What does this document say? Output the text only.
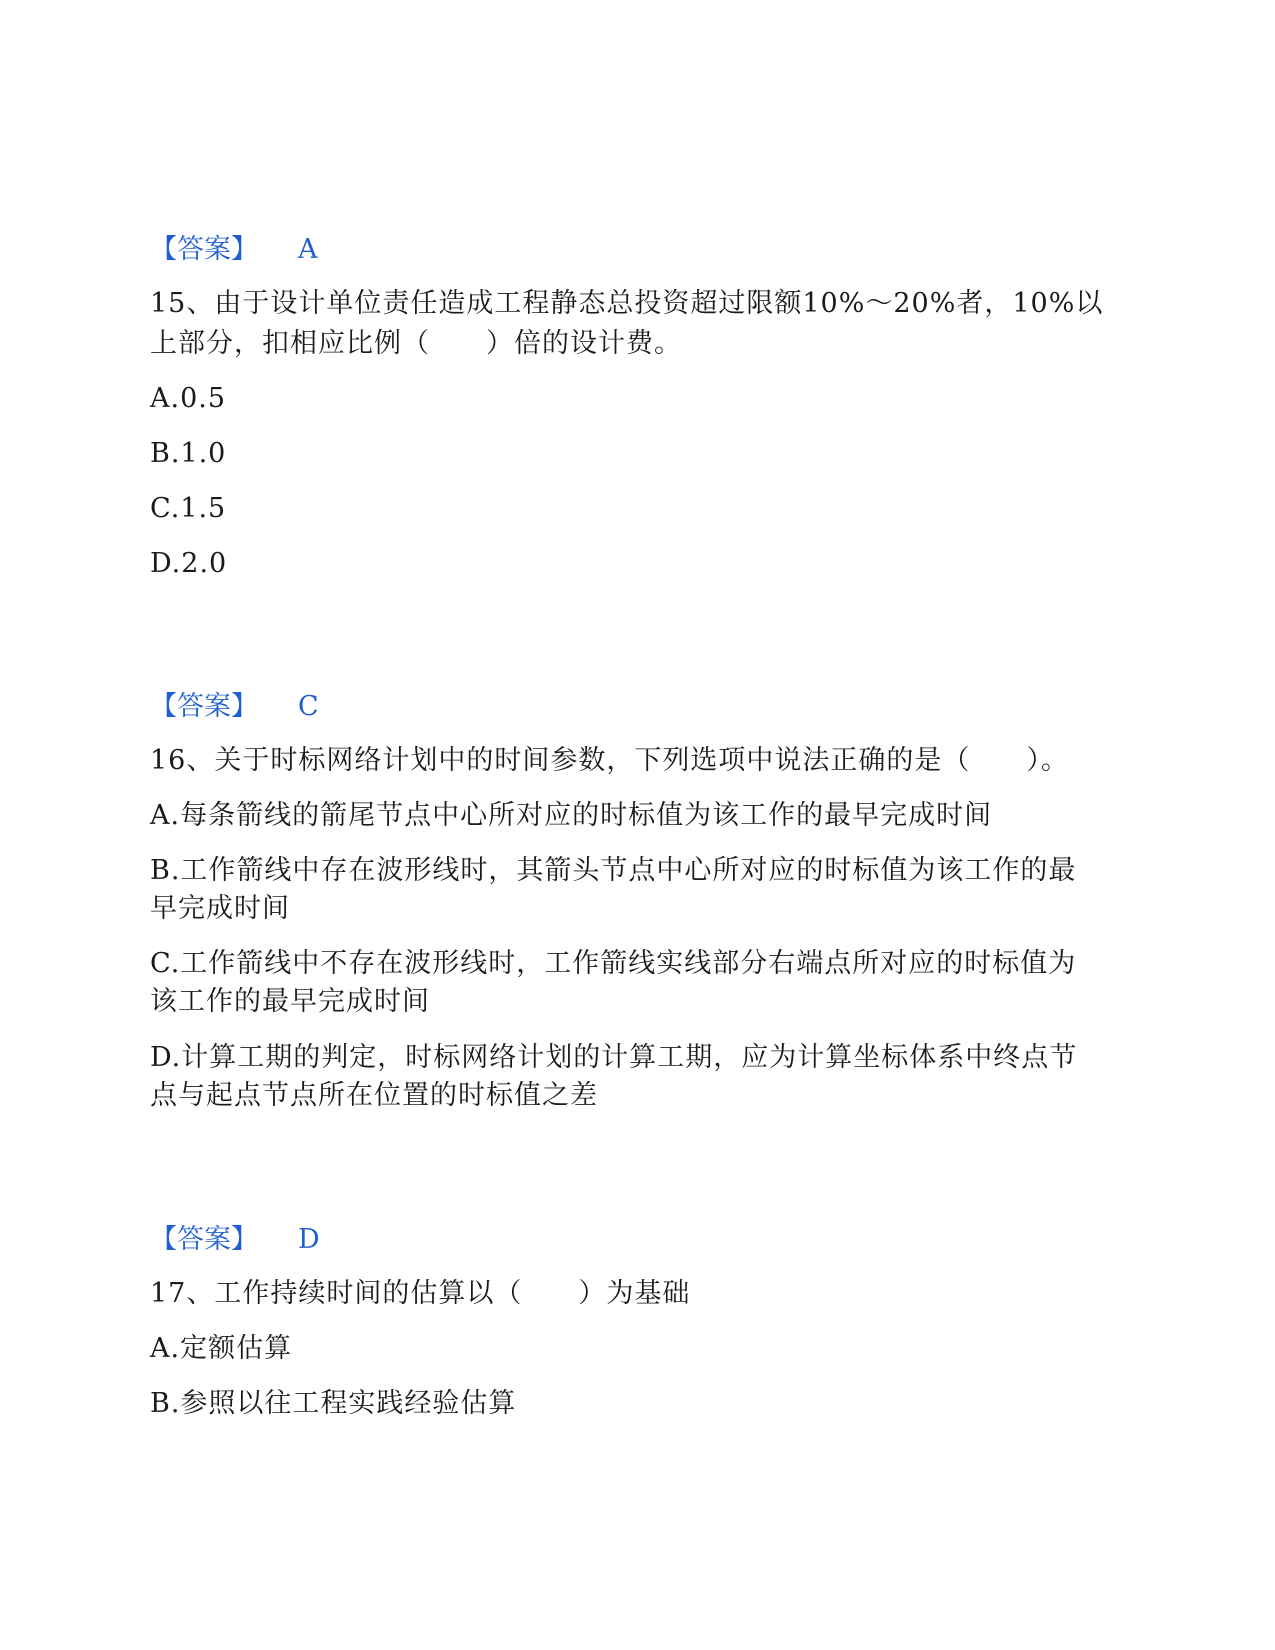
【答案】 A
15、由于设计单位责任造成工程静态总投资超过限额10%～20%者，10%以
上部分，扣相应比例（　　）倍的设计费。
A.0.5
B.1.0
C.1.5
D.2.0
【答案】 C
16、关于时标网络计划中的时间参数，下列选项中说法正确的是（　　）。
A.每条箭线的箭尾节点中心所对应的时标值为该工作的最早完成时间
B.工作箭线中存在波形线时，其箭头节点中心所对应的时标值为该工作的最
早完成时间
C.工作箭线中不存在波形线时，工作箭线实线部分右端点所对应的时标值为
该工作的最早完成时间
D.计算工期的判定，时标网络计划的计算工期，应为计算坐标体系中终点节
点与起点节点所在位置的时标值之差
【答案】 D
17、工作持续时间的估算以（　　）为基础
A.定额估算
B.参照以往工程实践经验估算
